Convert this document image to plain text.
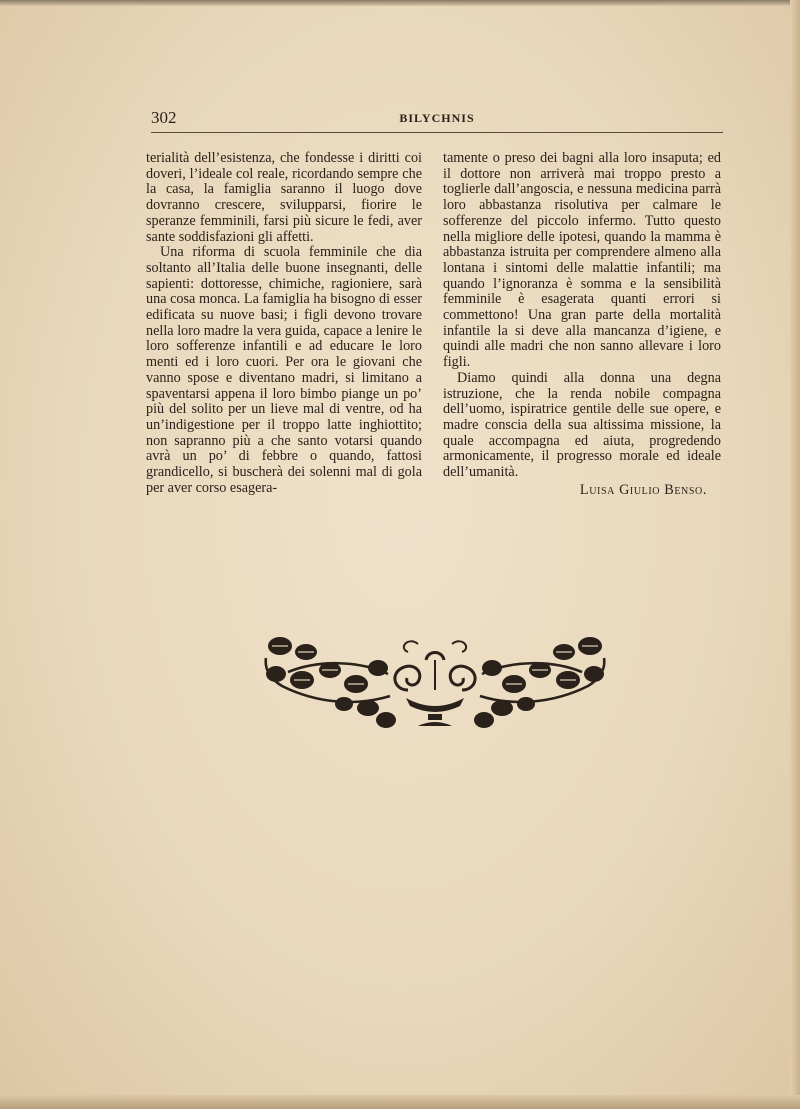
302	BILYCHNIS

terialità dell’esistenza, che fondesse i diritti coi doveri, l’ideale col reale, ricordando sempre che la casa, la famiglia saranno il luogo dove dovranno crescere, svilupparsi, fiorire le speranze femminili, farsi più sicure le fedi, aver sante soddisfazioni gli affetti.

Una riforma di scuola femminile che dia soltanto all’Italia delle buone insegnanti, delle sapienti: dottoresse, chimiche, ragioniere, sarà una cosa monca. La famiglia ha bisogno di esser edificata su nuove basi; i figli devono trovare nella loro madre la vera guida, capace a lenire le loro sofferenze infantili e ad educare le loro menti ed i loro cuori. Per ora le giovani che vanno spose e diventano madri, si limitano a spaventarsi appena il loro bimbo piange un po’ più del solito per un lieve mal di ventre, od ha un’indigestione per il troppo latte inghiottito; non sapranno più a che santo votarsi quando avrà un po’ di febbre o quando, fattosi grandicello, si buscherà dei solenni mal di gola per aver corso esagera-

tamente o preso dei bagni alla loro insaputa; ed il dottore non arriverà mai troppo presto a toglierle dall’angoscia, e nessuna medicina parrà loro abbastanza risolutiva per calmare le sofferenze del piccolo infermo. Tutto questo nella migliore delle ipotesi, quando la mamma è abbastanza istruita per comprendere almeno alla lontana i sintomi delle malattie infantili; ma quando l’ignoranza è somma e la sensibilità femminile è esagerata quanti errori si commettono! Una gran parte della mortalità infantile la si deve alla mancanza d’igiene, e quindi alle madri che non sanno allevare i loro figli.

Diamo quindi alla donna una degna istruzione, che la renda nobile compagna dell’uomo, ispiratrice gentile delle sue opere, e madre conscia della sua altissima missione, la quale accompagna ed aiuta, progredendo armonicamente, il progresso morale ed ideale dell’umanità.

Luisa Giulio Benso.
